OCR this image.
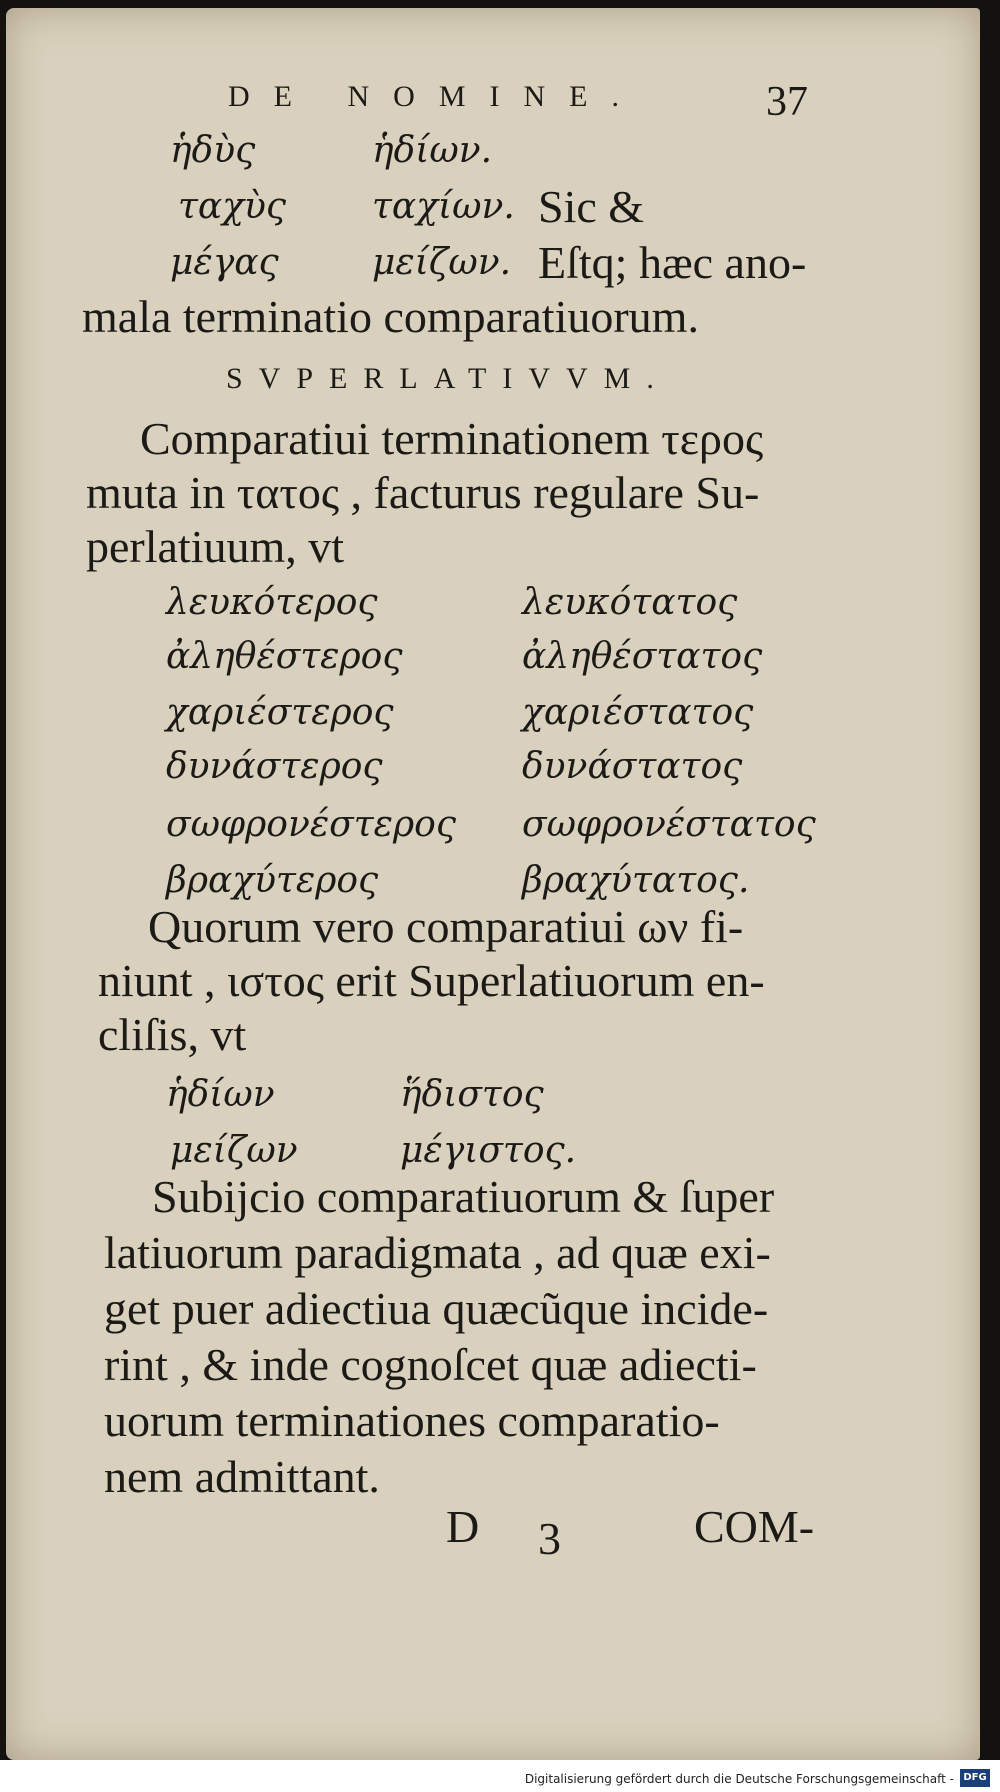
DE NOMINE.	37
ἡδὺς	ἡδίων.
ταχὺς ταχίων. Sic &
μέγας	μείζων. Eſtq; hæc ano-
mala terminatio comparatiuorum.
SVPERLATIVVM.
Comparatiui terminationem τερος
muta in τατος , facturus regulare Su-
perlatiuum, vt
λευκότερος	λευκότατος
ἀληθέστερος	ἀληθέστατος
χαριέστερος	χαριέστατος
δυνάστερος	δυνάστατος
σωφρονέστερος σωφρονέστατος
βραχύτερος	βραχύτατος.
Quorum vero comparatiui ων fi-
niunt , ιστος erit Superlatiuorum en-
cliſis, vt
ἡδίων	ἥδιστος
μείζων	μέγιστος.
Subijcio comparatiuorum & ſuper
latiuorum paradigmata , ad quæ exi-
get puer adiectiua quæcũque incide-
rint , & inde cognoſcet quæ adiecti-
uorum terminationes comparatio-
nem admittant.
D 3	COM-
Digitalisierung gefördert durch die Deutsche Forschungsgemeinschaft - DFG
